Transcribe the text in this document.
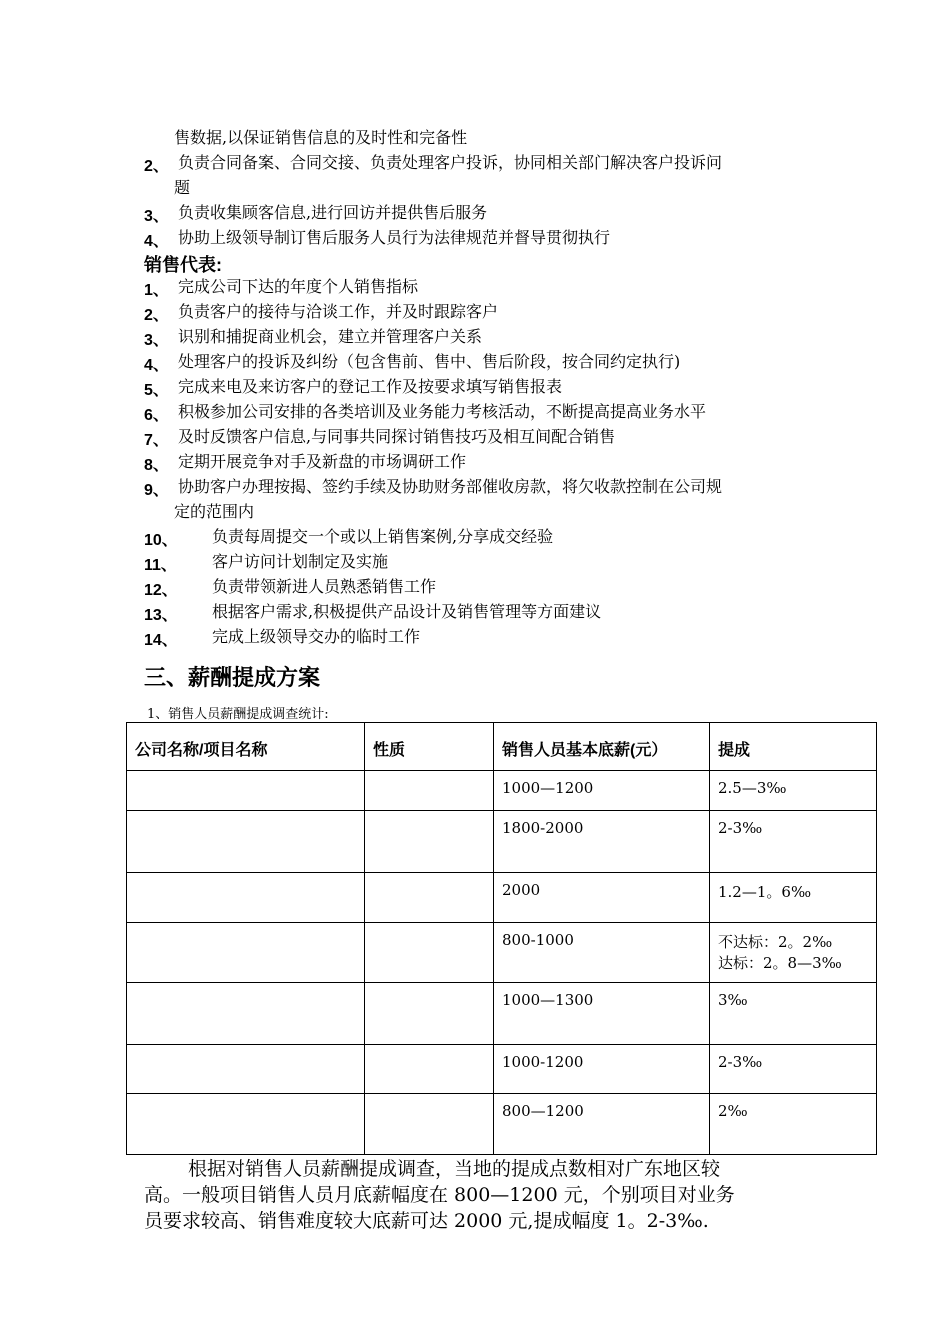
售数据,以保证销售信息的及时性和完备性
2、 负责合同备案、合同交接、负责处理客户投诉，协同相关部门解决客户投诉问
题
3、 负责收集顾客信息,进行回访并提供售后服务
4、 协助上级领导制订售后服务人员行为法律规范并督导贯彻执行
销售代表:
1、 完成公司下达的年度个人销售指标
2、 负责客户的接待与洽谈工作，并及时跟踪客户
3、 识别和捕捉商业机会，建立并管理客户关系
4、 处理客户的投诉及纠纷（包含售前、售中、售后阶段，按合同约定执行)
5、 完成来电及来访客户的登记工作及按要求填写销售报表
6、 积极参加公司安排的各类培训及业务能力考核活动，不断提高提高业务水平
7、 及时反馈客户信息,与同事共同探讨销售技巧及相互间配合销售
8、 定期开展竞争对手及新盘的市场调研工作
9、 协助客户办理按揭、签约手续及协助财务部催收房款，将欠收款控制在公司规
定的范围内
10、 负责每周提交一个或以上销售案例,分享成交经验
11、 客户访问计划制定及实施
12、 负责带领新进人员熟悉销售工作
13、 根据客户需求,积极提供产品设计及销售管理等方面建议
14、 完成上级领导交办的临时工作
三、薪酬提成方案
1、销售人员薪酬提成调查统计:
公司名称/项目名称	性质	销售人员基本底薪(元）	提成
		1000—1200	2.5—3‰
		1800-2000	2-3‰
		2000	1.2—1。6‰
		800-1000	不达标：2。2‰
达标：2。8—3‰

		1000—1300	3‰
		1000-1200	2-3‰
		800—1200	2‰
根据对销售人员薪酬提成调查，当地的提成点数相对广东地区较
高。一般项目销售人员月底薪幅度在 800—1200 元，个别项目对业务
员要求较高、销售难度较大底薪可达 2000 元,提成幅度 1。2-3‰.
